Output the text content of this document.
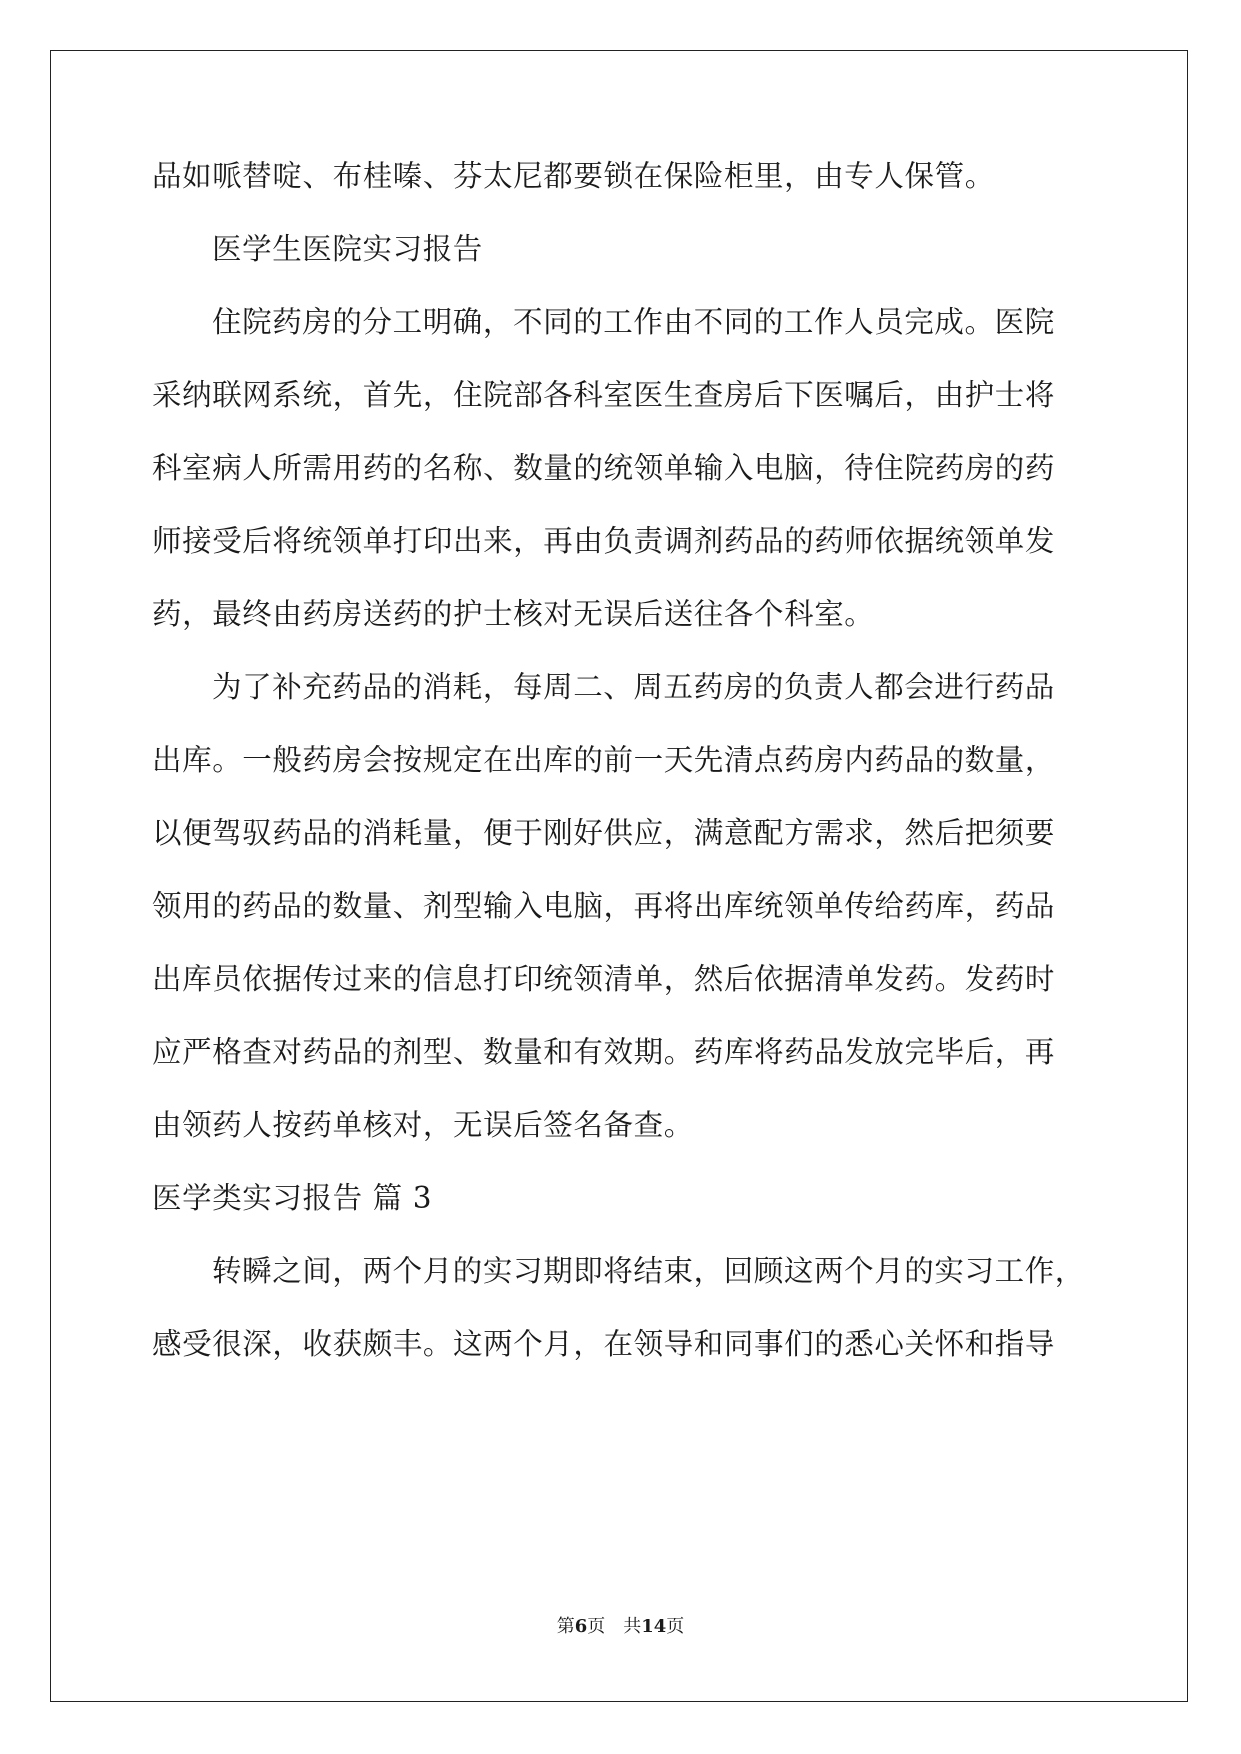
品如哌替啶、布桂嗪、芬太尼都要锁在保险柜里，由专人保管。
医学生医院实习报告
住院药房的分工明确，不同的工作由不同的工作人员完成。医院
采纳联网系统，首先，住院部各科室医生查房后下医嘱后，由护士将
科室病人所需用药的名称、数量的统领单输入电脑，待住院药房的药
师接受后将统领单打印出来，再由负责调剂药品的药师依据统领单发
药，最终由药房送药的护士核对无误后送往各个科室。
为了补充药品的消耗，每周二、周五药房的负责人都会进行药品
出库。一般药房会按规定在出库的前一天先清点药房内药品的数量，
以便驾驭药品的消耗量，便于刚好供应，满意配方需求，然后把须要
领用的药品的数量、剂型输入电脑，再将出库统领单传给药库，药品
出库员依据传过来的信息打印统领清单，然后依据清单发药。发药时
应严格查对药品的剂型、数量和有效期。药库将药品发放完毕后，再
由领药人按药单核对，无误后签名备查。
医学类实习报告 篇 3
转瞬之间，两个月的实习期即将结束，回顾这两个月的实习工作，
感受很深，收获颇丰。这两个月，在领导和同事们的悉心关怀和指导
第6页　共14页
